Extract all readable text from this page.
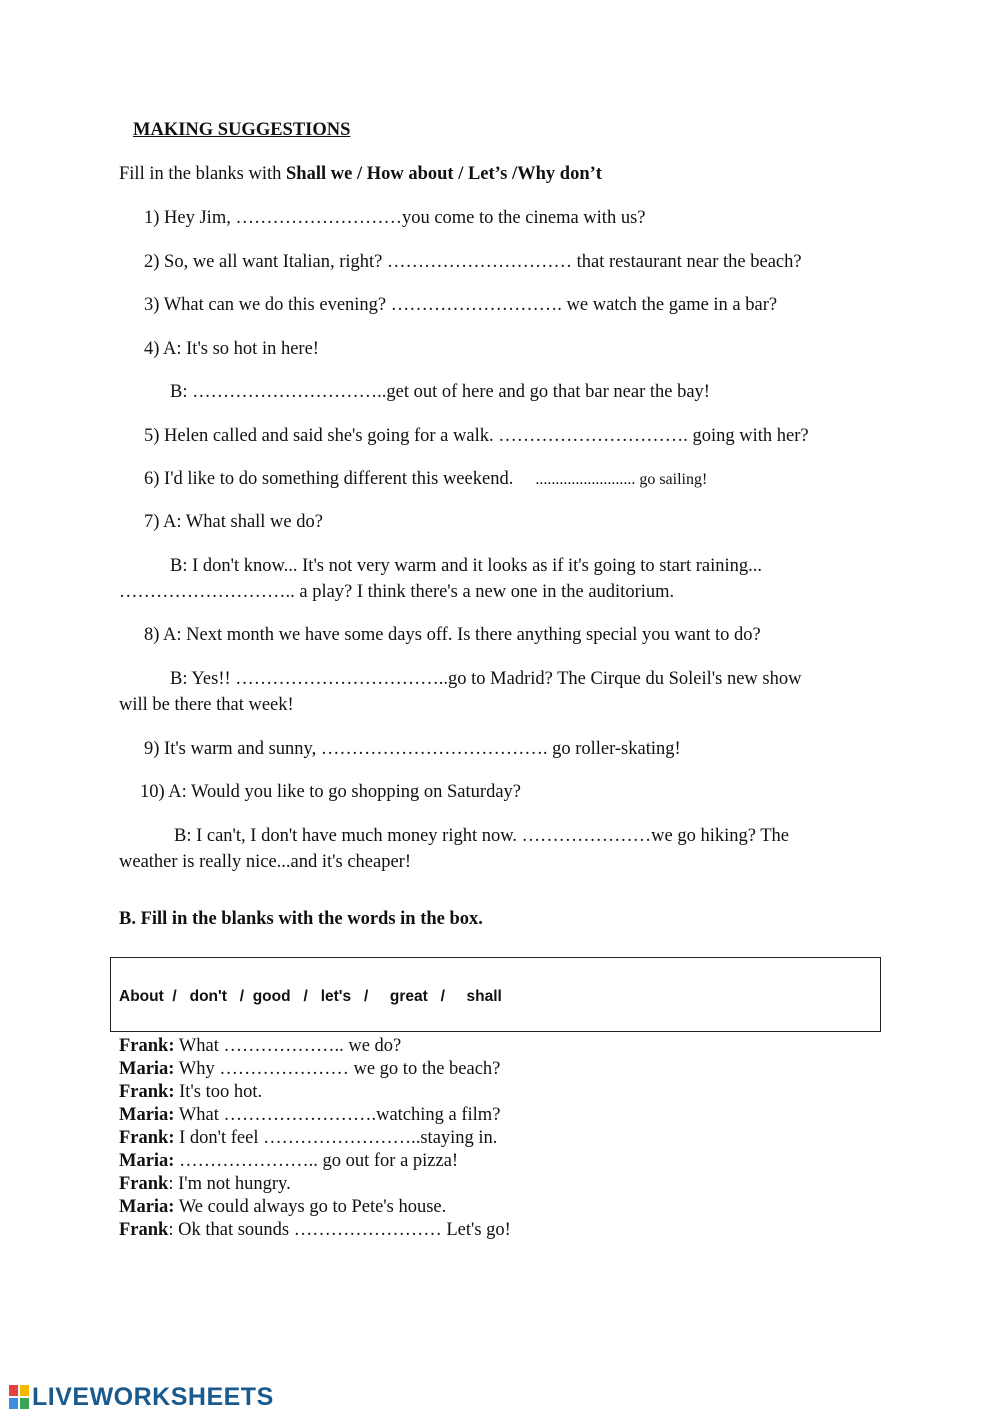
MAKING SUGGESTIONS
Fill in the blanks with Shall we / How about / Let’s /Why don’t
1) Hey Jim, ………………………you come to the cinema with us?
2) So, we all want Italian, right? ………………………… that restaurant near the beach?
3) What can we do this evening? ………………………. we watch the game in a bar?
4) A: It's so hot in here!
B: …………………………..get out of here and go that bar near the bay!
5) Helen called and said she's going for a walk. …………………………. going with her?
6) I'd like to do something different this weekend. ......................... go sailing!
7) A: What shall we do?
B: I don't know... It's not very warm and it looks as if it's going to start raining...
……………………….. a play? I think there's a new one in the auditorium.
8) A: Next month we have some days off. Is there anything special you want to do?
B: Yes!! ……………………………..go to Madrid? The Cirque du Soleil's new show
will be there that week!
9) It's warm and sunny, ………………………………. go roller-skating!
10) A: Would you like to go shopping on Saturday?
B: I can't, I don't have much money right now. …………………we go hiking? The
weather is really nice...and it's cheaper!
B. Fill in the blanks with the words in the box.
About  /   don't   /  good   /   let's   /     great   /     shall
Frank: What ……………….. we do?
Maria: Why ………………… we go to the beach?
Frank: It's too hot.
Maria: What …………………….watching a film?
Frank: I don't feel ……………………..staying in.
Maria: ………………….. go out for a pizza!
Frank: I'm not hungry.
Maria: We could always go to Pete's house.
Frank: Ok that sounds …………………… Let's go!
LIVEWORKSHEETS
